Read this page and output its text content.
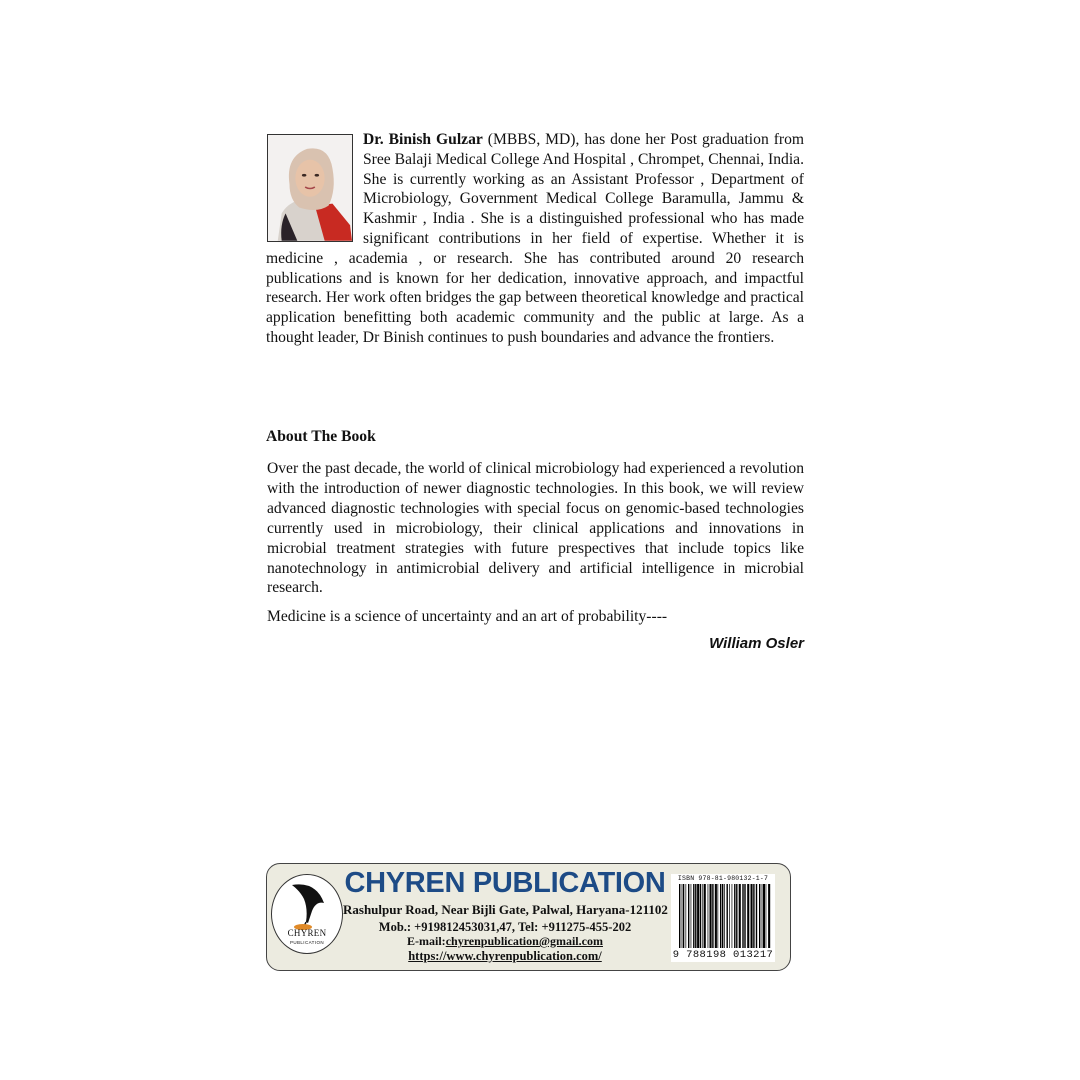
Dr. Binish Gulzar (MBBS, MD), has done her Post graduation from Sree Balaji Medical College And Hospital , Chrompet, Chennai, India. She is currently working as an Assistant Professor , Department of Microbiology, Government Medical College Baramulla, Jammu & Kashmir , India . She is a distinguished professional who has made significant contributions in her field of expertise. Whether it is medicine , academia , or research. She has contributed around 20 research publications and is known for her dedication, innovative approach, and impactful research. Her work often bridges the gap between theoretical knowledge and practical application benefitting both academic community and the public at large. As a thought leader, Dr Binish continues to push boundaries and advance the frontiers.
About The Book

Over the past decade, the world of clinical microbiology had experienced a revolution with the introduction of newer diagnostic technologies. In this book, we will review advanced diagnostic technologies with special focus on genomic-based technologies currently used in microbiology, their clinical applications and innovations in microbial treatment strategies with future prespectives that include topics like nanotechnology in antimicrobial delivery and artificial intelligence in microbial research.

Medicine is a science of uncertainty and an art of probability----

William Osler

CHYREN
PUBLICATION
CHYREN PUBLICATION
Rashulpur Road, Near Bijli Gate, Palwal, Haryana-121102
Mob.: +919812453031,47, Tel: +911275-455-202
E-mail:chyrenpublication@gmail.com
https://www.chyrenpublication.com/
ISBN 978-81-980132-1-7
9 788198 013217
